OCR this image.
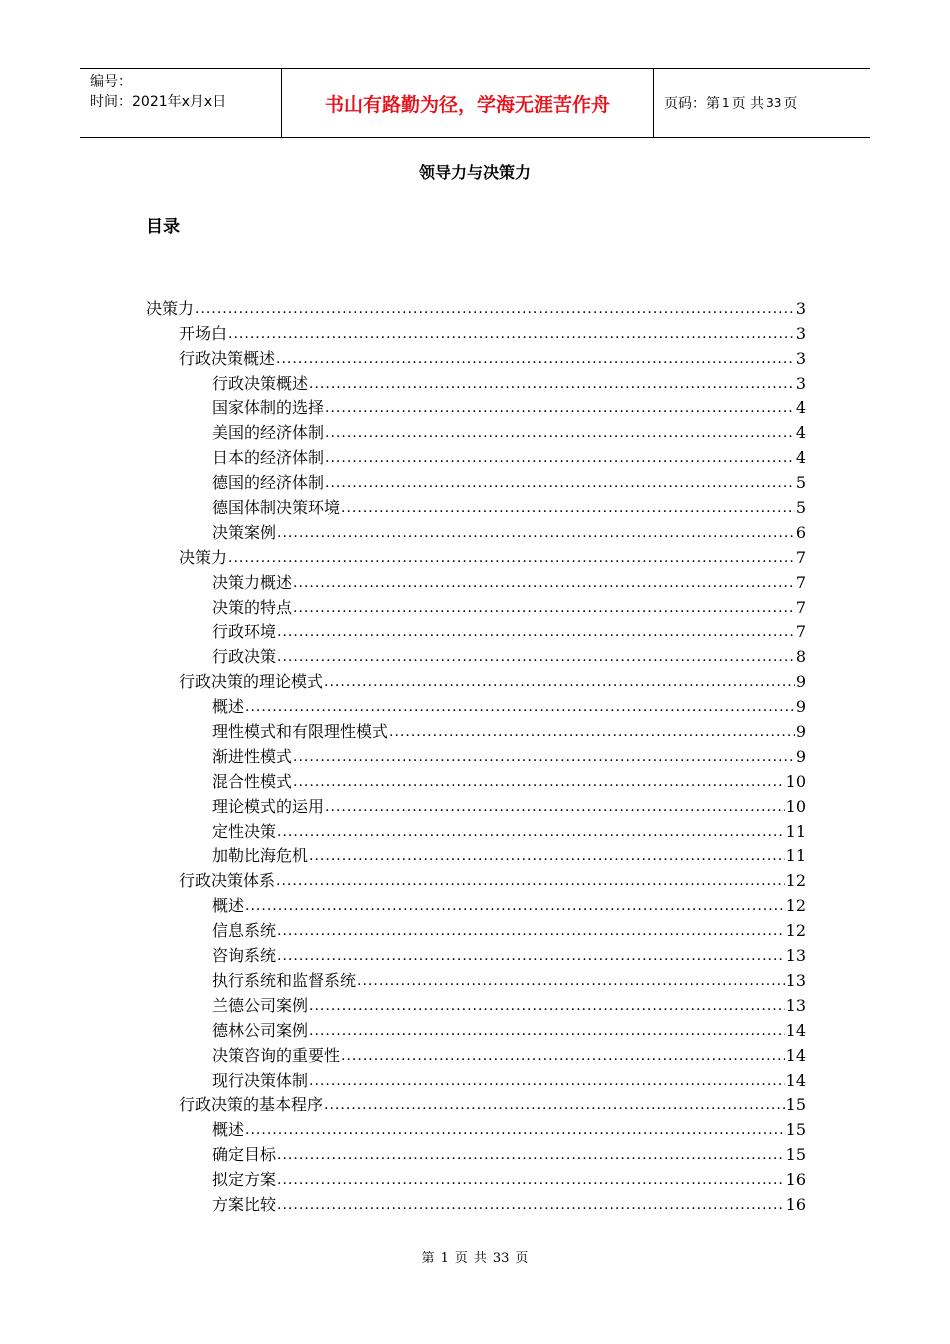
编号：
时间：2021年x月x日	书山有路勤为径，学海无涯苦作舟	页码：第 1 页 共 33 页
领导力与决策力
目录
决策力 .....	3
开场白 .....	3
行政决策概述 .....	3
行政决策概述 .....	3
国家体制的选择 .....	4
美国的经济体制 .....	4
日本的经济体制 .....	4
德国的经济体制 .....	5
德国体制决策环境 .....	5
决策案例 .....	6
决策力 .....	7
决策力概述 .....	7
决策的特点 .....	7
行政环境 .....	7
行政决策 .....	8
行政决策的理论模式 .....	9
概述 .....	9
理性模式和有限理性模式 .....	9
渐进性模式 .....	9
混合性模式 .....	10
理论模式的运用 .....	10
定性决策 .....	11
加勒比海危机 .....	11
行政决策体系 .....	12
概述 .....	12
信息系统 .....	12
咨询系统 .....	13
执行系统和监督系统 .....	13
兰德公司案例 .....	13
德林公司案例 .....	14
决策咨询的重要性 .....	14
现行决策体制 .....	14
行政决策的基本程序 .....	15
概述 .....	15
确定目标 .....	15
拟定方案 .....	16
方案比较 .....	16
第 1 页 共 33 页
